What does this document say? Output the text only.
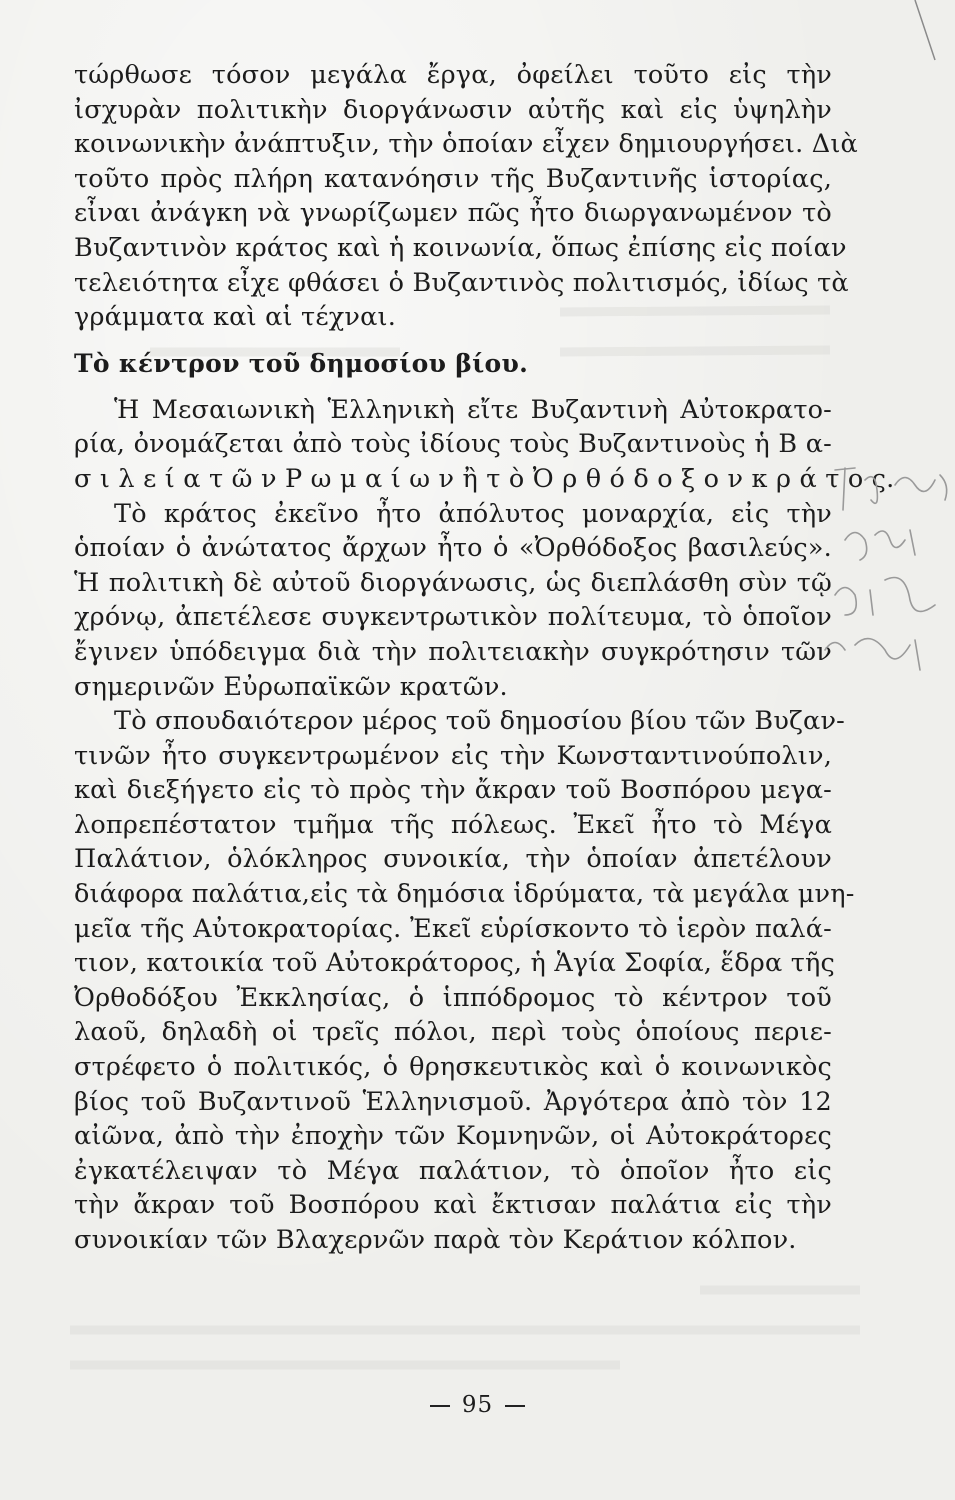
τώρθωσε τόσον μεγάλα ἔργα, ὀφείλει τοῦτο εἰς τὴν
ἰσχυρὰν πολιτικὴν διοργάνωσιν αὐτῆς καὶ εἰς ὑψηλὴν
κοινωνικὴν ἀνάπτυξιν, τὴν ὁποίαν εἶχεν δημιουργήσει. Διὰ
τοῦτο πρὸς πλήρη κατανόησιν τῆς Βυζαντινῆς ἱστορίας,
εἶναι ἀνάγκη νὰ γνωρίζωμεν πῶς ἦτο διωργανωμένον τὸ
Βυζαντινὸν κράτος καὶ ἡ κοινωνία, ὅπως ἐπίσης εἰς ποίαν
τελειότητα εἶχε φθάσει ὁ Βυζαντινὸς πολιτισμός, ἰδίως τὰ
γράμματα καὶ αἱ τέχναι.
Τὸ κέντρον τοῦ δημοσίου βίου.
Ἡ Μεσαιωνικὴ Ἑλληνικὴ εἴτε Βυζαντινὴ Αὐτοκρατο-
ρία, ὀνομάζεται ἀπὸ τοὺς ἰδίους τοὺς Βυζαντινοὺς ἡ Β α-
σ ι λ ε ί α τ ῶ ν Ρ ω μ α ί ω ν ἢ τ ὸ Ὀ ρ θ ό δ ο ξ ο ν κ ρ ά τ ο ς.
Τὸ κράτος ἐκεῖνο ἦτο ἀπόλυτος μοναρχία, εἰς τὴν
ὁποίαν ὁ ἀνώτατος ἄρχων ἦτο ὁ «Ὀρθόδοξος βασιλεύς».
Ἡ πολιτικὴ δὲ αὐτοῦ διοργάνωσις, ὡς διεπλάσθη σὺν τῷ
χρόνῳ, ἀπετέλεσε συγκεντρωτικὸν πολίτευμα, τὸ ὁποῖον
ἔγινεν ὑπόδειγμα διὰ τὴν πολιτειακὴν συγκρότησιν τῶν
σημερινῶν Εὐρωπαϊκῶν κρατῶν.
Τὸ σπουδαιότερον μέρος τοῦ δημοσίου βίου τῶν Βυζαν-
τινῶν ἦτο συγκεντρωμένον εἰς τὴν Κωνσταντινούπολιν,
καὶ διεξήγετο εἰς τὸ πρὸς τὴν ἄκραν τοῦ Βοσπόρου μεγα-
λοπρεπέστατον τμῆμα τῆς πόλεως. Ἐκεῖ ἦτο τὸ Μέγα
Παλάτιον, ὁλόκληρος συνοικία, τὴν ὁποίαν ἀπετέλουν
διάφορα παλάτια,εἰς τὰ δημόσια ἱδρύματα, τὰ μεγάλα μνη-
μεῖα τῆς Αὐτοκρατορίας. Ἐκεῖ εὑρίσκοντο τὸ ἱερὸν παλά-
τιον, κατοικία τοῦ Αὐτοκράτορος, ἡ Ἁγία Σοφία, ἕδρα τῆς
Ὀρθοδόξου Ἐκκλησίας, ὁ ἱππόδρομος τὸ κέντρον τοῦ
λαοῦ, δηλαδὴ οἱ τρεῖς πόλοι, περὶ τοὺς ὁποίους περιε-
στρέφετο ὁ πολιτικός, ὁ θρησκευτικὸς καὶ ὁ κοινωνικὸς
βίος τοῦ Βυζαντινοῦ Ἑλληνισμοῦ. Ἀργότερα ἀπὸ τὸν 12
αἰῶνα, ἀπὸ τὴν ἐποχὴν τῶν Κομνηνῶν, οἱ Αὐτοκράτορες
ἐγκατέλειψαν τὸ Μέγα παλάτιον, τὸ ὁποῖον ἦτο εἰς
τὴν ἄκραν τοῦ Βοσπόρου καὶ ἔκτισαν παλάτια εἰς τὴν
συνοικίαν τῶν Βλαχερνῶν παρὰ τὸν Κεράτιον κόλπον.
95
